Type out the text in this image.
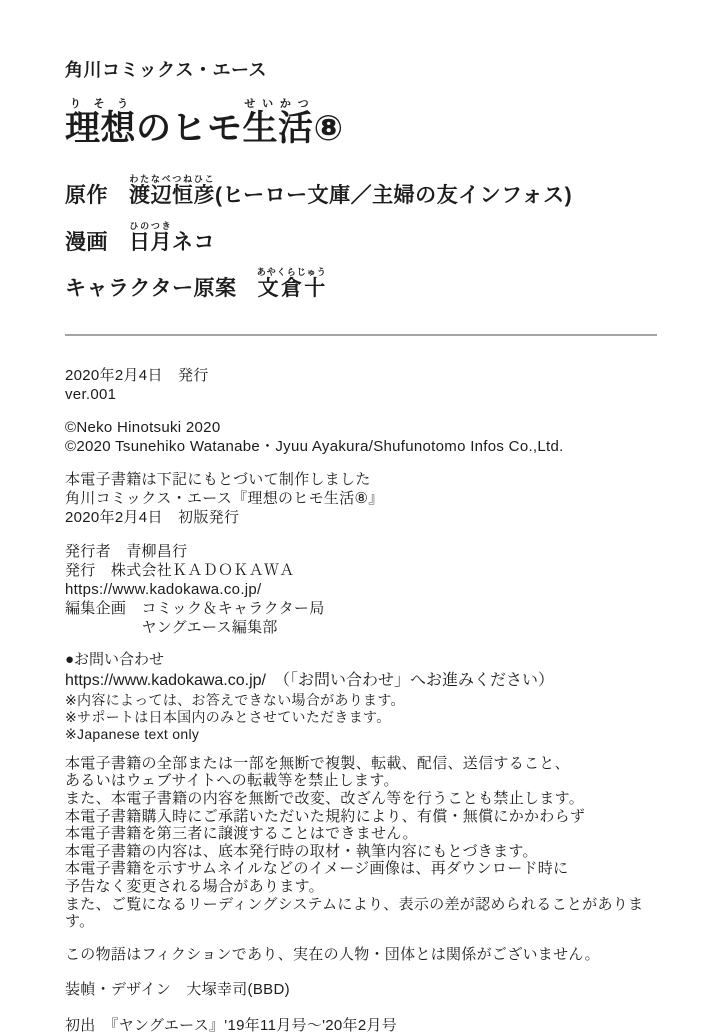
角川コミックス・エース
理想りそうのヒモ生活せいかつ⑧
原作 渡辺恒彦わたなべつねひこ(ヒーロー文庫／主婦の友インフォス)
漫画 日月ひのつきネコ
キャラクター原案 文倉十あやくらじゅう
2020年2月4日　発行
ver.001
©Neko Hinotsuki 2020
©2020 Tsunehiko Watanabe・Jyuu Ayakura/Shufunotomo Infos Co.,Ltd.
本電子書籍は下記にもとづいて制作しました
角川コミックス・エース『理想のヒモ生活⑧』
2020年2月4日　初版発行
発行者　青柳昌行
発行　株式会社ＫＡＤＯＫＡＷＡ
https://www.kadokawa.co.jp/
編集企画　コミック＆キャラクター局
　　　　　ヤングエース編集部
●お問い合わせ
https://www.kadokawa.co.jp/　（「お問い合わせ」へお進みください）
※内容によっては、お答えできない場合があります。
※サポートは日本国内のみとさせていただきます。
※Japanese text only
本電子書籍の全部または一部を無断で複製、転載、配信、送信すること、
あるいはウェブサイトへの転載等を禁止します。
また、本電子書籍の内容を無断で改変、改ざん等を行うことも禁止します。
本電子書籍購入時にご承諾いただいた規約により、有償・無償にかかわらず
本電子書籍を第三者に譲渡することはできません。
本電子書籍の内容は、底本発行時の取材・執筆内容にもとづきます。
本電子書籍を示すサムネイルなどのイメージ画像は、再ダウンロード時に
予告なく変更される場合があります。
また、ご覧になるリーディングシステムにより、表示の差が認められることがあります。
この物語はフィクションであり、実在の人物・団体とは関係がございません。
装幀・デザイン　大塚幸司(BBD)
初出　『ヤングエース』'19年11月号～'20年2月号
